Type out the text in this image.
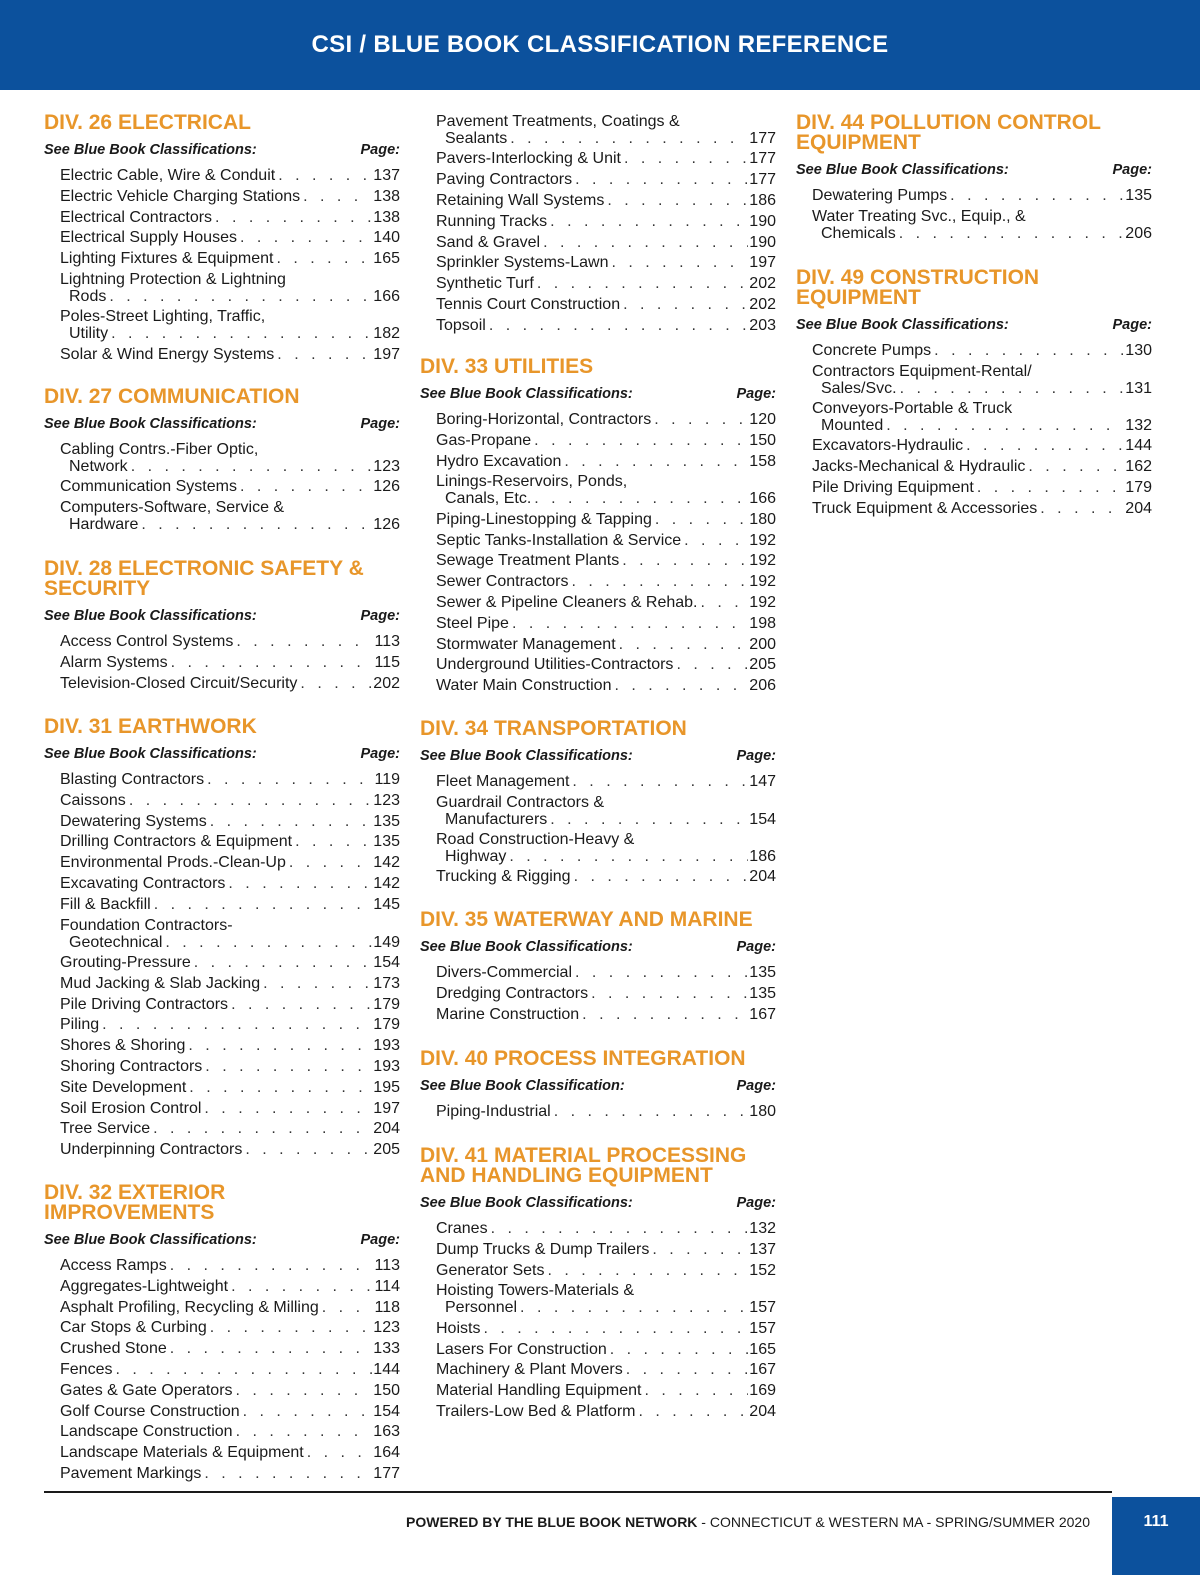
CSI / BLUE BOOK CLASSIFICATION REFERENCE
DIV. 26 ELECTRICAL
See Blue Book Classifications:	Page:
Electric Cable, Wire & Conduit . . .	137
Electric Vehicle Charging Stations . . .	138
Electrical Contractors . . .	138
Electrical Supply Houses . . .	140
Lighting Fixtures & Equipment . . .	165
Lightning Protection & Lightning
Rods . . .	166
Poles-Street Lighting, Traffic,
Utility . . .	182
Solar & Wind Energy Systems . . .	197
DIV. 27 COMMUNICATION
See Blue Book Classifications:	Page:
Cabling Contrs.-Fiber Optic,
Network . . .	123
Communication Systems . . .	126
Computers-Software, Service &
Hardware . . .	126
DIV. 28 ELECTRONIC SAFETY &
SECURITY
See Blue Book Classifications:	Page:
Access Control Systems . . .	113
Alarm Systems . . .	115
Television-Closed Circuit/Security . . .	202
DIV. 31 EARTHWORK
See Blue Book Classifications:	Page:
Blasting Contractors . . .	119
Caissons . . .	123
Dewatering Systems . . .	135
Drilling Contractors & Equipment . . .	135
Environmental Prods.-Clean-Up . . .	142
Excavating Contractors . . .	142
Fill & Backfill . . .	145
Foundation Contractors-
Geotechnical . . .	149
Grouting-Pressure . . .	154
Mud Jacking & Slab Jacking . . .	173
Pile Driving Contractors . . .	179
Piling . . .	179
Shores & Shoring . . .	193
Shoring Contractors . . .	193
Site Development . . .	195
Soil Erosion Control . . .	197
Tree Service . . .	204
Underpinning Contractors . . .	205
DIV. 32 EXTERIOR IMPROVEMENTS
See Blue Book Classifications:	Page:
Access Ramps . . .	113
Aggregates-Lightweight . . .	114
Asphalt Profiling, Recycling & Milling . . .	118
Car Stops & Curbing . . .	123
Crushed Stone . . .	133
Fences . . .	144
Gates & Gate Operators . . .	150
Golf Course Construction . . .	154
Landscape Construction . . .	163
Landscape Materials & Equipment . . .	164
Pavement Markings . . .	177
Pavement Treatments, Coatings &
Sealants . . .	177
Pavers-Interlocking & Unit . . .	177
Paving Contractors . . .	177
Retaining Wall Systems . . .	186
Running Tracks . . .	190
Sand & Gravel . . .	190
Sprinkler Systems-Lawn . . .	197
Synthetic Turf . . .	202
Tennis Court Construction . . .	202
Topsoil . . .	203
DIV. 33 UTILITIES
See Blue Book Classifications:	Page:
Boring-Horizontal, Contractors . . .	120
Gas-Propane . . .	150
Hydro Excavation . . .	158
Linings-Reservoirs, Ponds,
Canals, Etc. . . .	166
Piping-Linestopping & Tapping . . .	180
Septic Tanks-Installation & Service . . .	192
Sewage Treatment Plants . . .	192
Sewer Contractors . . .	192
Sewer & Pipeline Cleaners & Rehab. . . .	192
Steel Pipe . . .	198
Stormwater Management . . .	200
Underground Utilities-Contractors . . .	205
Water Main Construction . . .	206
DIV. 34 TRANSPORTATION
See Blue Book Classifications:	Page:
Fleet Management . . .	147
Guardrail Contractors &
Manufacturers . . .	154
Road Construction-Heavy &
Highway . . .	186
Trucking & Rigging . . .	204
DIV. 35 WATERWAY AND MARINE
See Blue Book Classifications:	Page:
Divers-Commercial . . .	135
Dredging Contractors . . .	135
Marine Construction . . .	167
DIV. 40 PROCESS INTEGRATION
See Blue Book Classification:	Page:
Piping-Industrial . . .	180
DIV. 41 MATERIAL PROCESSING
AND HANDLING EQUIPMENT
See Blue Book Classifications:	Page:
Cranes . . .	132
Dump Trucks & Dump Trailers . . .	137
Generator Sets . . .	152
Hoisting Towers-Materials &
Personnel . . .	157
Hoists . . .	157
Lasers For Construction . . .	165
Machinery & Plant Movers . . .	167
Material Handling Equipment . . .	169
Trailers-Low Bed & Platform . . .	204
DIV. 44 POLLUTION CONTROL
EQUIPMENT
See Blue Book Classifications:	Page:
Dewatering Pumps . . .	135
Water Treating Svc., Equip., &
Chemicals . . .	206
DIV. 49 CONSTRUCTION
EQUIPMENT
See Blue Book Classifications:	Page:
Concrete Pumps . . .	130
Contractors Equipment-Rental/
Sales/Svc. . . .	131
Conveyors-Portable & Truck
Mounted . . .	132
Excavators-Hydraulic . . .	144
Jacks-Mechanical & Hydraulic . . .	162
Pile Driving Equipment . . .	179
Truck Equipment & Accessories . . .	204
POWERED BY THE BLUE BOOK NETWORK - CONNECTICUT & WESTERN MA - SPRING/SUMMER 2020	111
